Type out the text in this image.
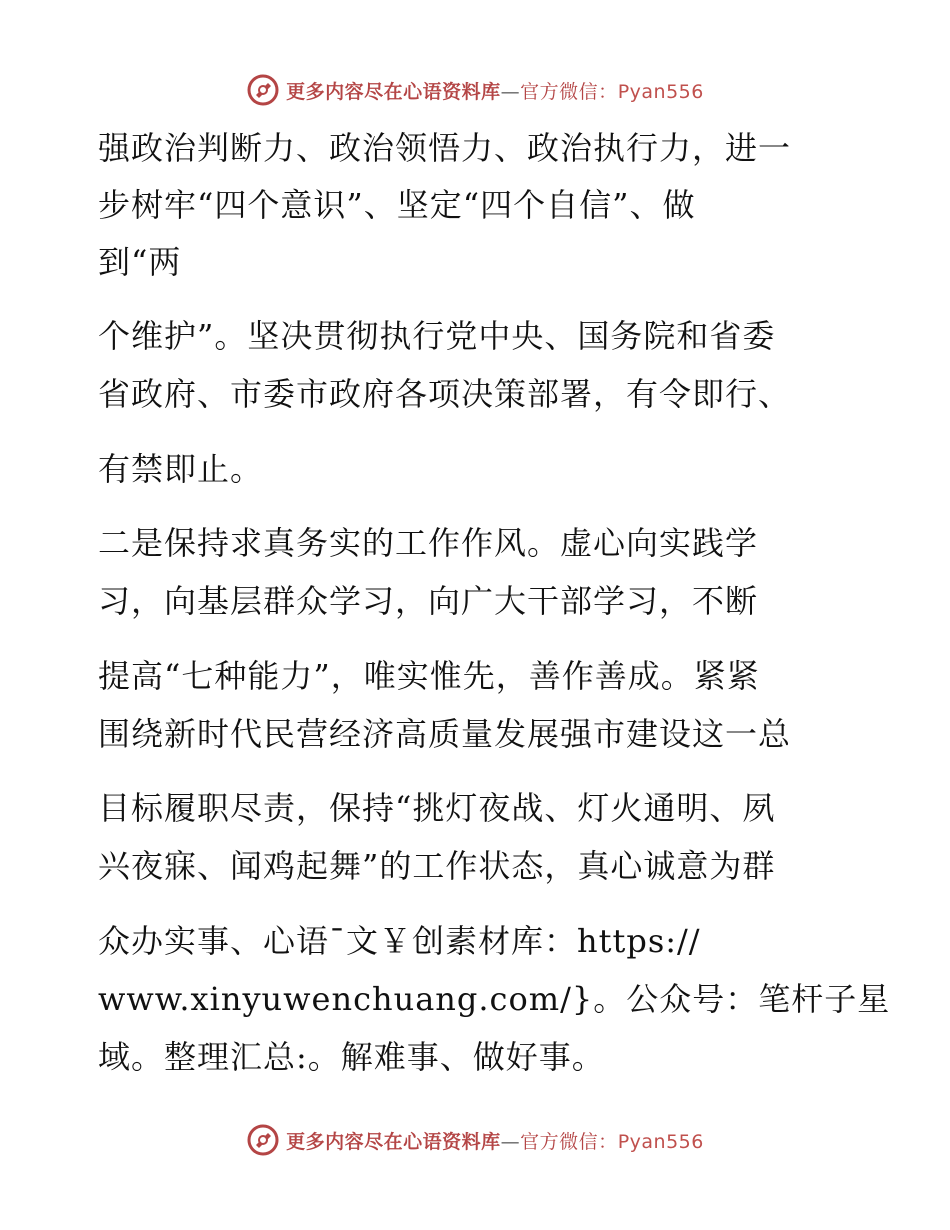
更多内容尽在心语资料库—官方微信：Pyan556
强政治判断力、政治领悟力、政治执行力，进一
步树牢“四个意识”、坚定“四个自信”、做
到“两
个维护”。坚决贯彻执行党中央、国务院和省委
省政府、市委市政府各项决策部署，有令即行、
有禁即止。
二是保持求真务实的工作作风。虚心向实践学
习，向基层群众学习，向广大干部学习，不断
提高“七种能力”，唯实惟先，善作善成。紧紧
围绕新时代民营经济高质量发展强市建设这一总
目标履职尽责，保持“挑灯夜战、灯火通明、夙
兴夜寐、闻鸡起舞”的工作状态，真心诚意为群
众办实事、心语¯文￥创素材库：https://
www.xinyuwenchuang.com/}。公众号：笔杆子星
域。整理汇总:。解难事、做好事。
更多内容尽在心语资料库—官方微信：Pyan556
